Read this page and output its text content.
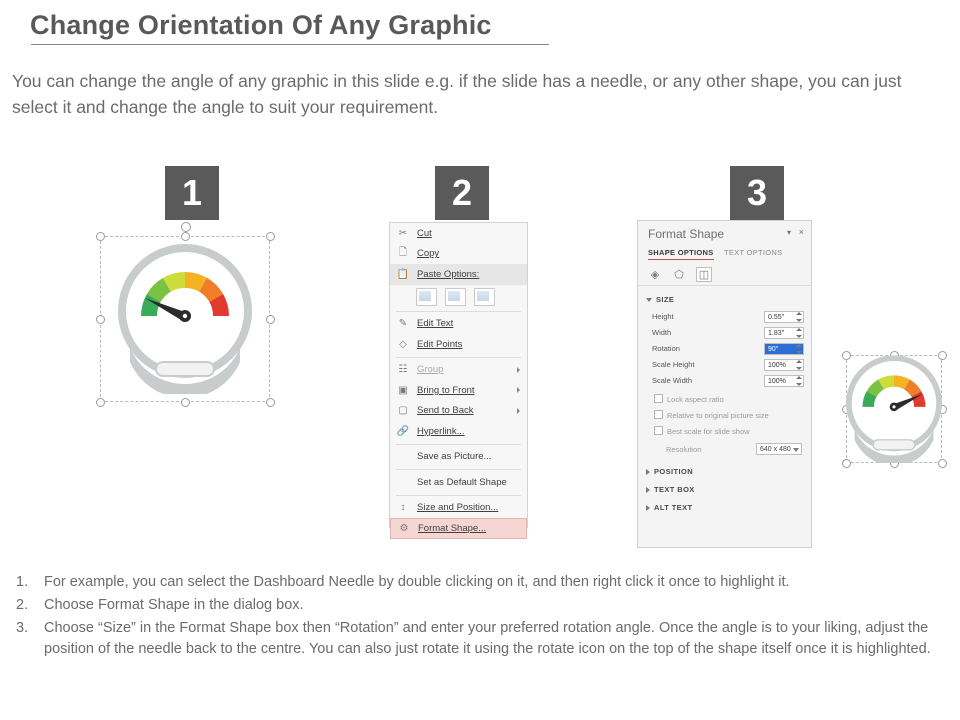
Change Orientation Of Any Graphic
You can change the angle of any graphic in this slide e.g. if the slide has a needle, or any other shape, you can just select it and change the angle to suit your requirement.
1	2	3
✂ Cut
🗋	Copy
📋 Paste Options:
✎ Edit Text
◇	Edit Points
☷ Group
▣ Bring to Front
▢ Send to Back
🔗 Hyperlink...
Save as Picture...
Set as Default Shape
↕	Size and Position...
⚙ Format Shape...
Format Shape	▾ ×
SHAPE OPTIONS TEXT OPTIONS
◈ ⬠ ◫
SIZE
Height	0.55"
Width	1.83"
Rotation	90°
Scale Height	100%
Scale Width	100%
Lock aspect ratio
Relative to original picture size
Best scale for slide show
Resolution	640 x 480
POSITION
TEXT BOX
ALT TEXT
1.	For example, you can select the Dashboard Needle by double clicking on it, and then right click it once to highlight it.
2.	Choose Format Shape in the dialog box.
3.	Choose “Size” in the Format Shape box then “Rotation” and enter your preferred rotation angle. Once the angle is to your liking, adjust the position of the needle back to the centre. You can also just rotate it using the rotate icon on the top of the shape itself once it is highlighted.
